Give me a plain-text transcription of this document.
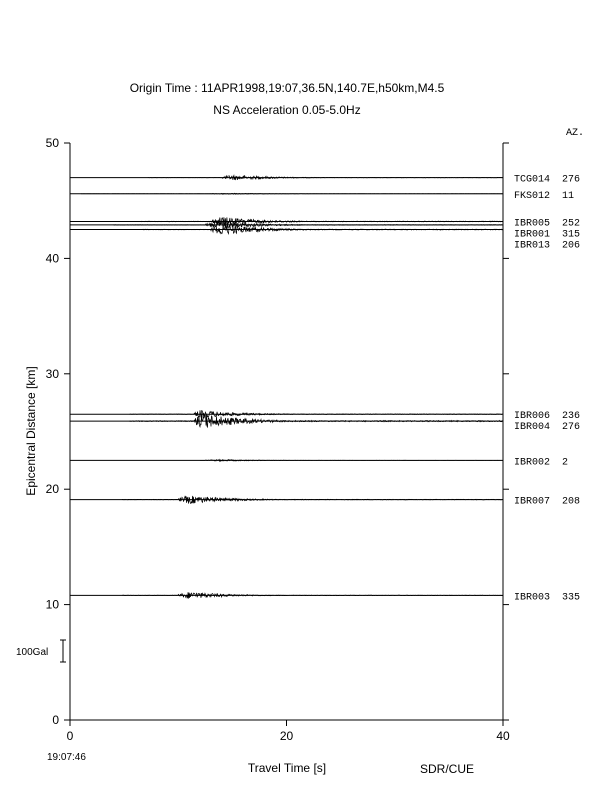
Origin Time : 11APR1998,19:07,36.5N,140.7E,h50km,M4.5
NS Acceleration 0.05-5.0Hz
AZ.
0
10
20
30
40
50
0	20	40
TCG014 276
FKS012 11
IBR005 252
IBR001 315
IBR013 206
IBR006 236
IBR004 276
IBR002 2
IBR007 208
IBR003 335
Epicentral Distance [km]
Travel Time [s]
19:07:46
SDR/CUE
100Gal
